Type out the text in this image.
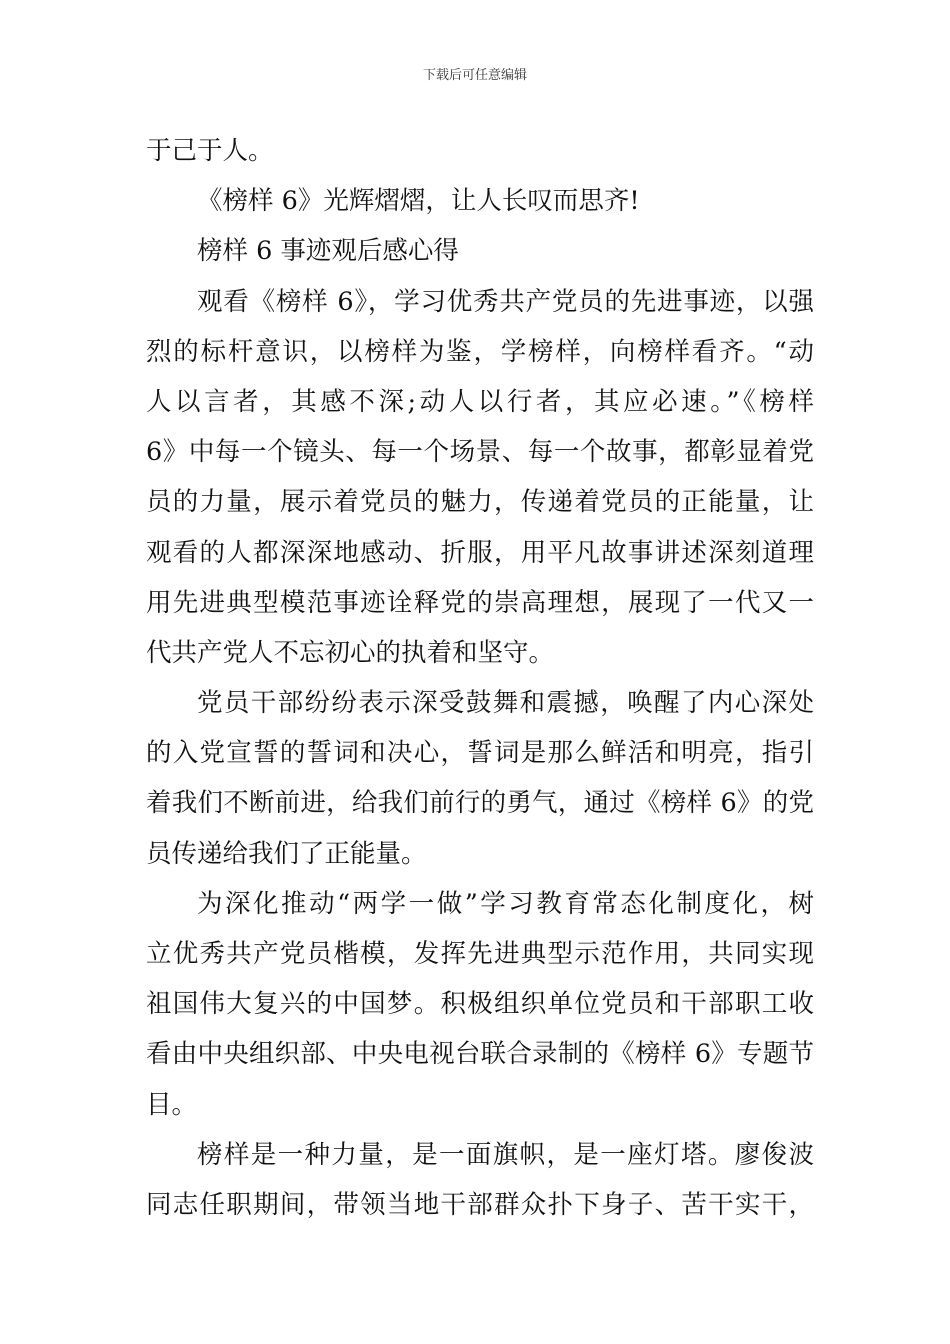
下载后可任意编辑
于己于人。
《榜样 6》光辉熠熠，让人长叹而思齐!
榜样 6 事迹观后感心得
观看《榜样 6》，学习优秀共产党员的先进事迹，以强
烈的标杆意识，以榜样为鉴，学榜样，向榜样看齐。“动
人以言者，其感不深;动人以行者，其应必速。”《榜样
6》中每一个镜头、每一个场景、每一个故事，都彰显着党
员的力量，展示着党员的魅力，传递着党员的正能量，让
观看的人都深深地感动、折服，用平凡故事讲述深刻道理
用先进典型模范事迹诠释党的崇高理想，展现了一代又一
代共产党人不忘初心的执着和坚守。
党员干部纷纷表示深受鼓舞和震撼，唤醒了内心深处
的入党宣誓的誓词和决心，誓词是那么鲜活和明亮，指引
着我们不断前进，给我们前行的勇气，通过《榜样 6》的党
员传递给我们了正能量。
为深化推动“两学一做”学习教育常态化制度化，树
立优秀共产党员楷模，发挥先进典型示范作用，共同实现
祖国伟大复兴的中国梦。积极组织单位党员和干部职工收
看由中央组织部、中央电视台联合录制的《榜样 6》专题节
目。
榜样是一种力量，是一面旗帜，是一座灯塔。廖俊波
同志任职期间，带领当地干部群众扑下身子、苦干实干，
